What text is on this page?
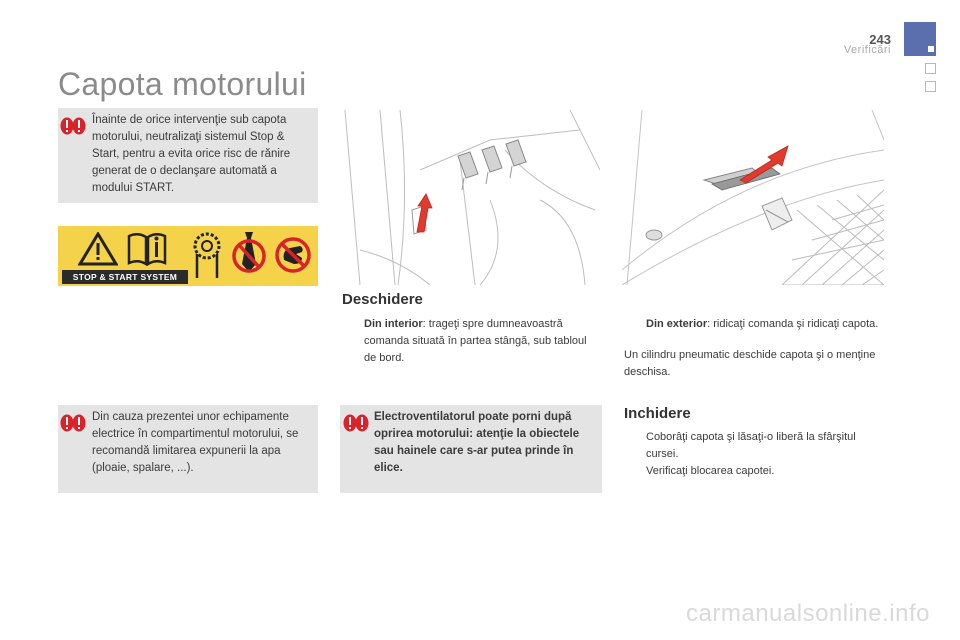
243
Verificări
Capota motorului
Înainte de orice intervenţie sub capota motorului, neutralizaţi sistemul Stop & Start, pentru a evita orice risc de rănire generat de o declanşare automată a modului START.
STOP & START SYSTEM
Din cauza prezentei unor echipamente electrice în compartimentul motorului, se recomandă limitarea expunerii la apa (ploaie, spalare, ...).
Deschidere
Din interior: trageţi spre dumneavoastră comanda situată în partea stângă, sub tabloul de bord.
Din exterior: ridicaţi comanda şi ridicaţi capota.
Un cilindru pneumatic deschide capota şi o menţine deschisa.
Electroventilatorul poate porni după oprirea motorului: atenţie la obiectele sau hainele care s-ar putea prinde în elice.
Inchidere
Coborâţi capota şi lăsaţi-o liberă la sfârşitul cursei.
Verificaţi blocarea capotei.
carmanualsonline.info
